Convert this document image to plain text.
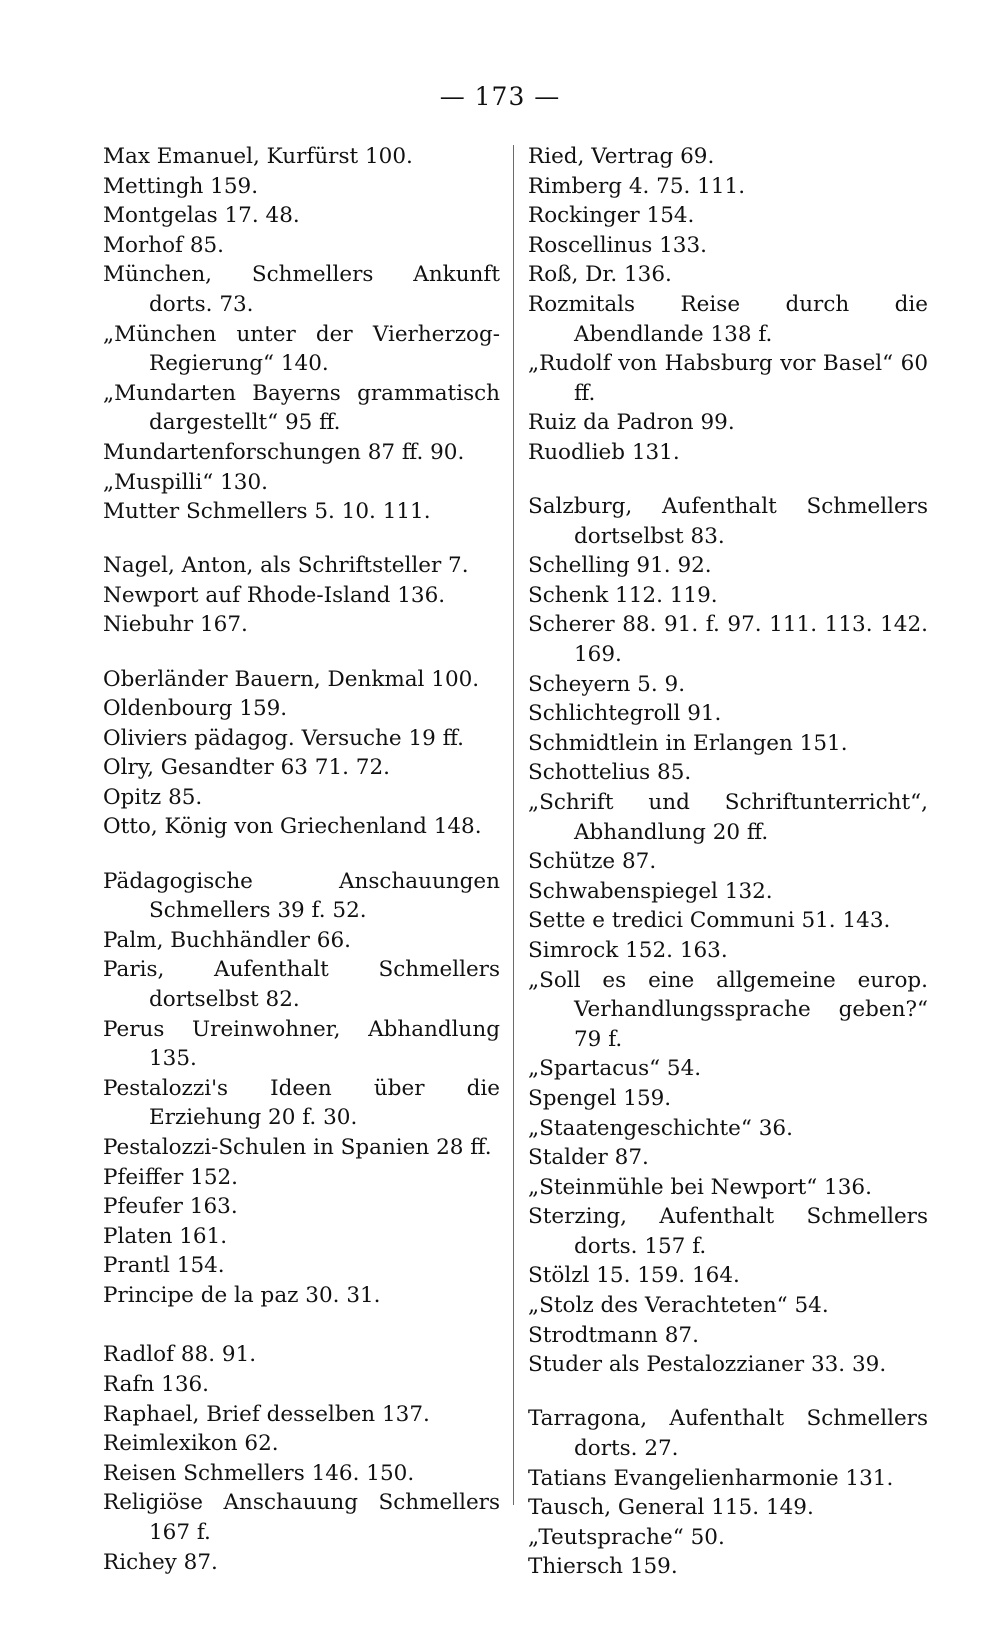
— 173 —
Max Emanuel, Kurfürst 100.
Mettingh 159.
Montgelas 17. 48.
Morhof 85.
München, Schmellers Ankunft dorts. 73.
„München unter der Vierherzog-Regierung“ 140.
„Mundarten Bayerns grammatisch dargestellt“ 95 ff.
Mundartenforschungen 87 ff. 90.
„Muspilli“ 130.
Mutter Schmellers 5. 10. 111.
Nagel, Anton, als Schriftsteller 7.
Newport auf Rhode-Island 136.
Niebuhr 167.
Oberländer Bauern, Denkmal 100.
Oldenbourg 159.
Oliviers pädagog. Versuche 19 ff.
Olry, Gesandter 63 71. 72.
Opitz 85.
Otto, König von Griechenland 148.
Pädagogische Anschauungen Schmellers 39 f. 52.
Palm, Buchhändler 66.
Paris, Aufenthalt Schmellers dortselbst 82.
Perus Ureinwohner, Abhandlung 135.
Pestalozzi's Ideen über die Erziehung 20 f. 30.
Pestalozzi-Schulen in Spanien 28 ff.
Pfeiffer 152.
Pfeufer 163.
Platen 161.
Prantl 154.
Principe de la paz 30. 31.
Radlof 88. 91.
Rafn 136.
Raphael, Brief desselben 137.
Reimlexikon 62.
Reisen Schmellers 146. 150.
Religiöse Anschauung Schmellers 167 f.
Richey 87.
Ried, Vertrag 69.
Rimberg 4. 75. 111.
Rockinger 154.
Roscellinus 133.
Roß, Dr. 136.
Rozmitals Reise durch die Abendlande 138 f.
„Rudolf von Habsburg vor Basel“ 60 ff.
Ruiz da Padron 99.
Ruodlieb 131.
Salzburg, Aufenthalt Schmellers dortselbst 83.
Schelling 91. 92.
Schenk 112. 119.
Scherer 88. 91. f. 97. 111. 113. 142. 169.
Scheyern 5. 9.
Schlichtegroll 91.
Schmidtlein in Erlangen 151.
Schottelius 85.
„Schrift und Schriftunterricht“, Abhandlung 20 ff.
Schütze 87.
Schwabenspiegel 132.
Sette e tredici Communi 51. 143.
Simrock 152. 163.
„Soll es eine allgemeine europ. Verhandlungssprache geben?“ 79 f.
„Spartacus“ 54.
Spengel 159.
„Staatengeschichte“ 36.
Stalder 87.
„Steinmühle bei Newport“ 136.
Sterzing, Aufenthalt Schmellers dorts. 157 f.
Stölzl 15. 159. 164.
„Stolz des Verachteten“ 54.
Strodtmann 87.
Studer als Pestalozzianer 33. 39.
Tarragona, Aufenthalt Schmellers dorts. 27.
Tatians Evangelienharmonie 131.
Tausch, General 115. 149.
„Teutsprache“ 50.
Thiersch 159.
